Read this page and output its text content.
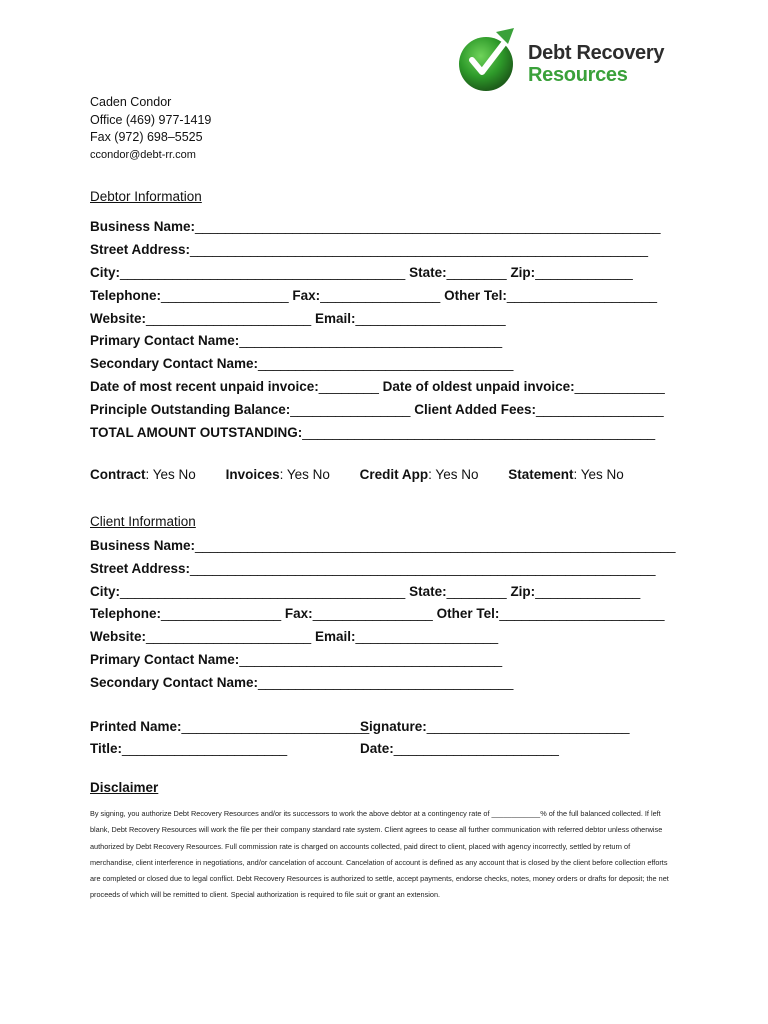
Debt Recovery
Resources
Caden Condor
Office (469) 977-1419
Fax (972) 698–5525
ccondor@debt-rr.com
Debtor Information
Business Name:______________________________________________________________
Street Address:_____________________________________________________________
City:______________________________________ State:________ Zip:_____________
Telephone:_________________ Fax:________________ Other Tel:____________________
Website:______________________ Email:____________________
Primary Contact Name:___________________________________
Secondary Contact Name:__________________________________
Date of most recent unpaid invoice:________ Date of oldest unpaid invoice:____________
Principle Outstanding Balance:________________ Client Added Fees:_________________
TOTAL AMOUNT OUTSTANDING:_______________________________________________
Contract: Yes No Invoices: Yes No Credit App: Yes No Statement: Yes No
Client Information
Business Name:________________________________________________________________
Street Address:______________________________________________________________
City:______________________________________ State:________ Zip:______________
Telephone:________________ Fax:________________ Other Tel:______________________
Website:______________________ Email:___________________
Primary Contact Name:___________________________________
Secondary Contact Name:__________________________________
Printed Name:_________________________
Signature:___________________________
Title:______________________	Date:______________________
Disclaimer
By signing, you authorize Debt Recovery Resources and/or its successors to work the above debtor at a contingency rate of ____________% of the full balanced collected. If left blank, Debt Recovery Resources will work the file per their company standard rate system. Client agrees to cease all further communication with referred debtor unless otherwise authorized by Debt Recovery Resources. Full commission rate is charged on accounts collected, paid direct to client, placed with agency incorrectly, settled by return of merchandise, client interference in negotiations, and/or cancelation of account. Cancelation of account is defined as any account that is closed by the client before collection efforts are completed or closed due to legal conflict. Debt Recovery Resources is authorized to settle, accept payments, endorse checks, notes, money orders or drafts for deposit; the net proceeds of which will be remitted to client. Special authorization is required to file suit or grant an extension.
